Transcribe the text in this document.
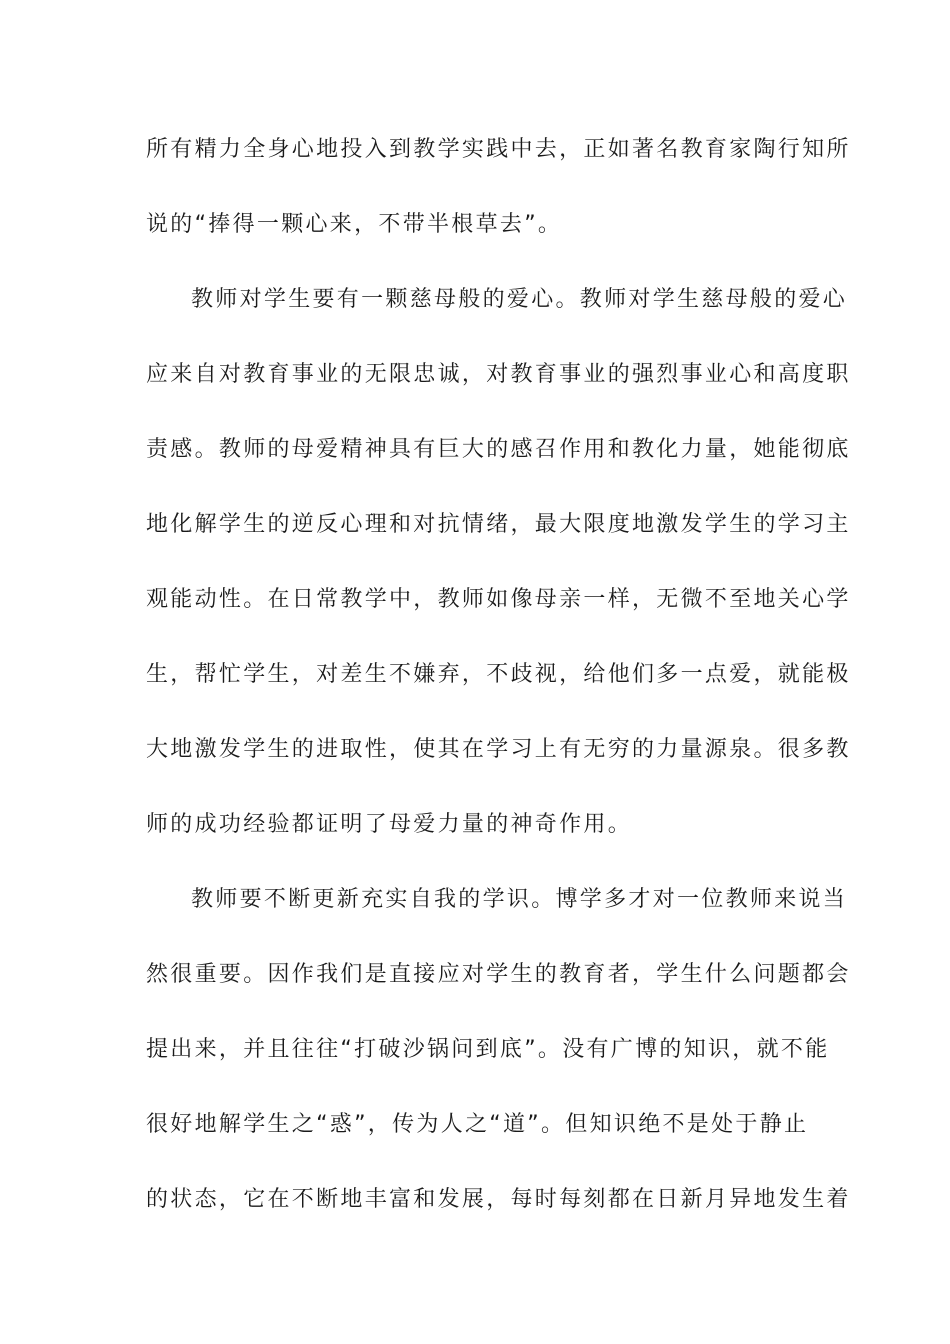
所有精力全身心地投入到教学实践中去，正如著名教育家陶行知所
说的“捧得一颗心来，不带半根草去”。
教师对学生要有一颗慈母般的爱心。教师对学生慈母般的爱心
应来自对教育事业的无限忠诚，对教育事业的强烈事业心和高度职
责感。教师的母爱精神具有巨大的感召作用和教化力量，她能彻底
地化解学生的逆反心理和对抗情绪，最大限度地激发学生的学习主
观能动性。在日常教学中，教师如像母亲一样，无微不至地关心学
生，帮忙学生，对差生不嫌弃，不歧视，给他们多一点爱，就能极
大地激发学生的进取性，使其在学习上有无穷的力量源泉。很多教
师的成功经验都证明了母爱力量的神奇作用。
教师要不断更新充实自我的学识。博学多才对一位教师来说当
然很重要。因作我们是直接应对学生的教育者，学生什么问题都会
提出来，并且往往“打破沙锅问到底”。没有广博的知识，就不能
很好地解学生之“惑”，传为人之“道”。但知识绝不是处于静止
的状态，它在不断地丰富和发展，每时每刻都在日新月异地发生着
